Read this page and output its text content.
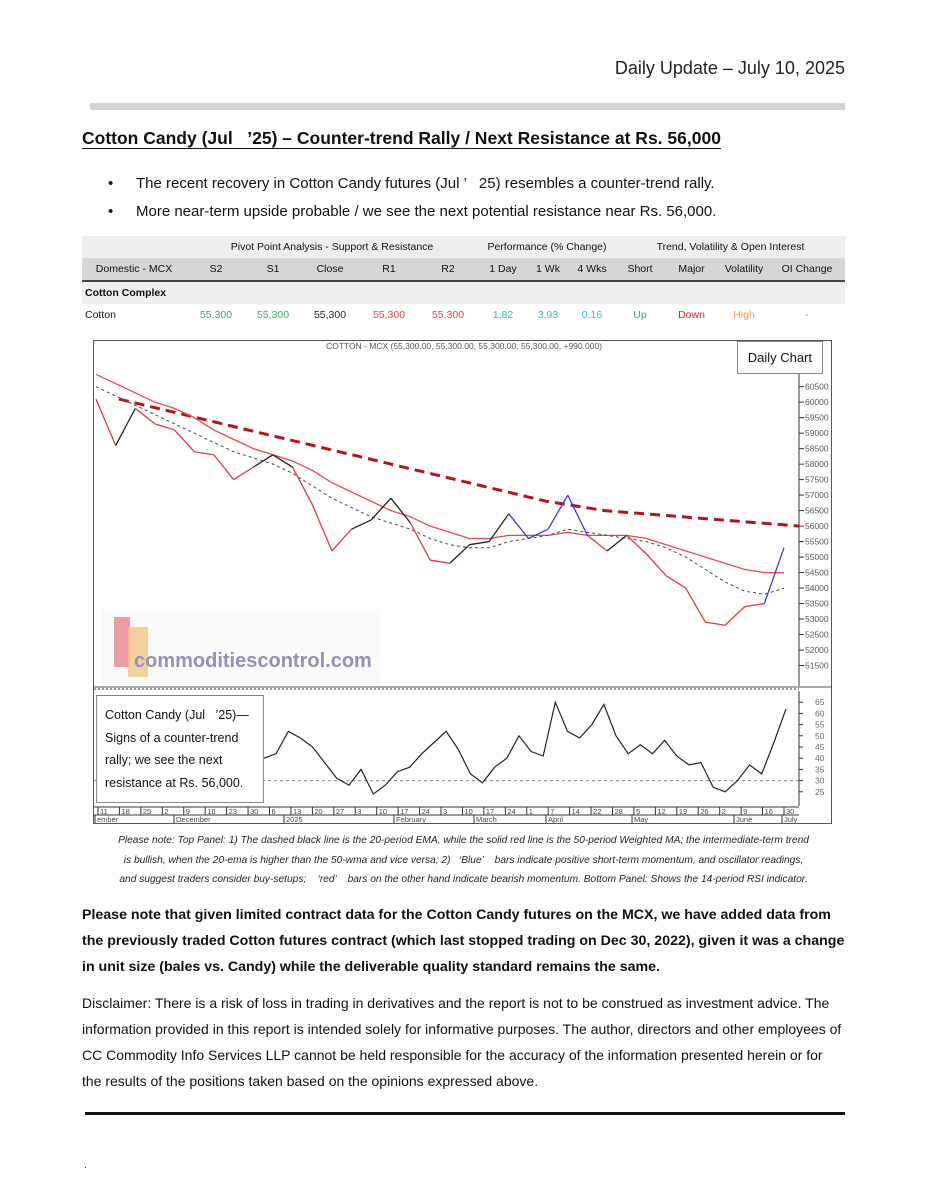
Daily Update – July 10, 2025
Cotton Candy (Jul   ’25) – Counter-trend Rally / Next Resistance at Rs. 56,000
• The recent recovery in Cotton Candy futures (Jul ’   25) resembles a counter-trend rally.
• More near-term upside probable / we see the next potential resistance near Rs. 56,000.
	Pivot Point Analysis - Support & Resistance					Performance (% Change)			Trend, Volatility & Open Interest			
Domestic - MCX	S2	S1	Close	R1	R2	1 Day	1 Wk	4 Wks	Short	Major	Volatility	OI Change
Cotton Complex												
Cotton	55,300	55,300	55,300	55,300	55,300	1.82	3.93	0.16	Up	Down	High	-
COTTON - MCX (55,300.00, 55,300.00, 55,300.00, 55,300.00, +990.000)
60500
60000
59500
59000
58500
58000
57500
57000
56500
56000
55500
55000
54500
54000
53500
53000
52500
52000
51500
commoditiescontrol.com
65
60
55
50
45
40
35
30
25
11 18 25 2 9 16 23 30 6 13 20 27 3 10 17 24 3 10 17 24 1 7 14 22 28 5 12 19 26 2 9 16 30
ember	December	2025	February	March	April	May	June	July
Daily Chart
Cotton Candy (Jul   ’25)—
Signs of a counter-trend
rally; we see the next
resistance at Rs. 56,000.
Please note: Top Panel: 1) The dashed black line is the 20-period EMA, while the solid red line is the 50-period Weighted MA; the intermediate-term trend
is bullish, when the 20-ema is higher than the 50-wma and vice versa; 2)   ‘Blue’    bars indicate positive short-term momentum, and oscillator readings,
and suggest traders consider buy-setups;    ‘red’    bars on the other hand indicate bearish momentum. Bottom Panel: Shows the 14-period RSI indicator.
Please note that given limited contract data for the Cotton Candy futures on the MCX, we have added data from the previously traded Cotton futures contract (which last stopped trading on Dec 30, 2022), given it was a change in unit size (bales vs. Candy) while the deliverable quality standard remains the same.
Disclaimer: There is a risk of loss in trading in derivatives and the report is not to be construed as investment advice. The information provided in this report is intended solely for informative purposes. The author, directors and other employees of CC Commodity Info Services LLP cannot be held responsible for the accuracy of the information presented herein or for the results of the positions taken based on the opinions expressed above.
.
